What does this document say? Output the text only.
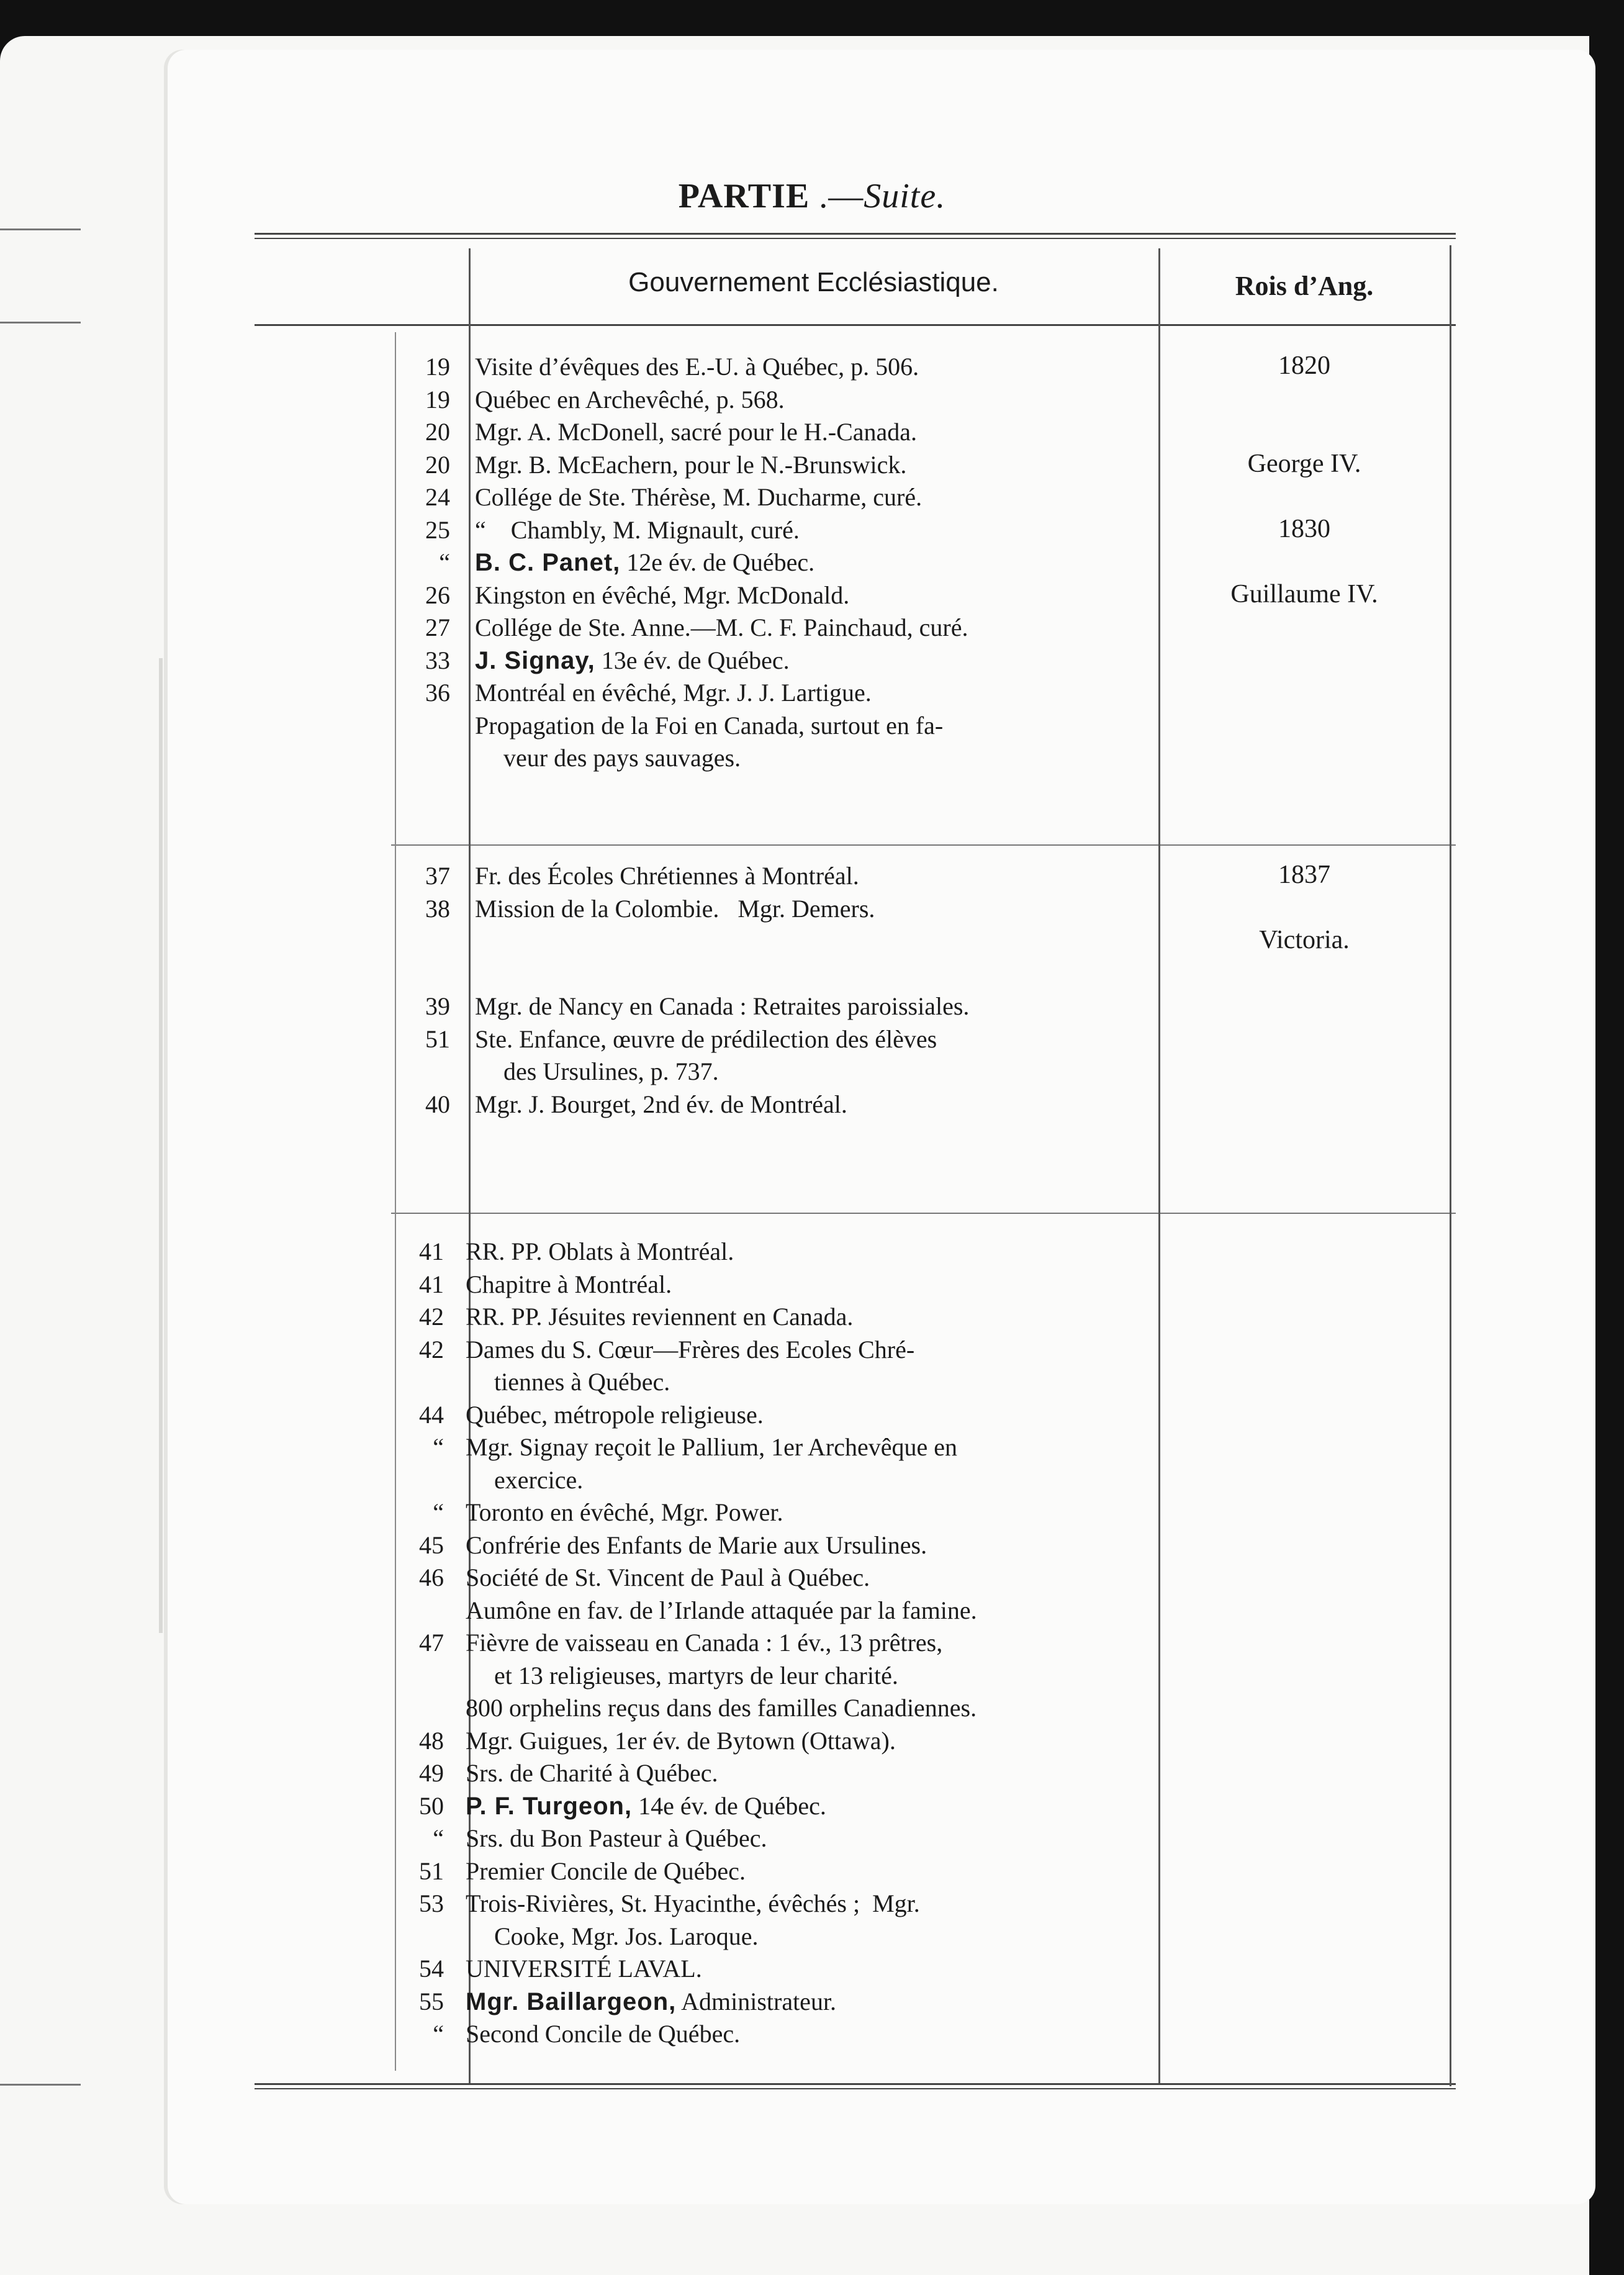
PARTIE .—Suite.
Gouvernement Ecclésiastique.	Rois d’Ang.
19
19
20
20
24
25
“
26
27
33
36
Visite d’évêques des E.-U. à Québec, p. 506.
Québec en Archevêché, p. 568.
Mgr. A. McDonell, sacré pour le H.-Canada.
Mgr. B. McEachern, pour le N.-Brunswick.
Collége de Ste. Thérèse, M. Ducharme, curé.
“    Chambly, M. Mignault, curé.
B. C. Panet, 12e év. de Québec.
Kingston en évêché, Mgr. McDonald.
Collége de Ste. Anne.—M. C. F. Painchaud, curé.
J. Signay, 13e év. de Québec.
Montréal en évêché, Mgr. J. J. Lartigue.
Propagation de la Foi en Canada, surtout en fa-
veur des pays sauvages.
1820
George IV.
1830
Guillaume IV.
37
38
39
51
40
Fr. des Écoles Chrétiennes à Montréal.
Mission de la Colombie.   Mgr. Demers.
Mgr. de Nancy en Canada : Retraites paroissiales.
Ste. Enfance, œuvre de prédilection des élèves
des Ursulines, p. 737.
Mgr. J. Bourget, 2nd év. de Montréal.
1837
Victoria.
41
41
42
42
44
“
“
45
46
47
48
49
50
“
51
53
54
55
“
RR. PP. Oblats à Montréal.
Chapitre à Montréal.
RR. PP. Jésuites reviennent en Canada.
Dames du S. Cœur—Frères des Ecoles Chré-
tiennes à Québec.
Québec, métropole religieuse.
Mgr. Signay reçoit le Pallium, 1er Archevêque en
exercice.
Toronto en évêché, Mgr. Power.
Confrérie des Enfants de Marie aux Ursulines.
Société de St. Vincent de Paul à Québec.
Aumône en fav. de l’Irlande attaquée par la famine.
Fièvre de vaisseau en Canada : 1 év., 13 prêtres,
et 13 religieuses, martyrs de leur charité.
800 orphelins reçus dans des familles Canadiennes.
Mgr. Guigues, 1er év. de Bytown (Ottawa).
Srs. de Charité à Québec.
P. F. Turgeon, 14e év. de Québec.
Srs. du Bon Pasteur à Québec.
Premier Concile de Québec.
Trois-Rivières, St. Hyacinthe, évêchés ;  Mgr.
Cooke, Mgr. Jos. Laroque.
UNIVERSITÉ LAVAL.
Mgr. Baillargeon, Administrateur.
Second Concile de Québec.
